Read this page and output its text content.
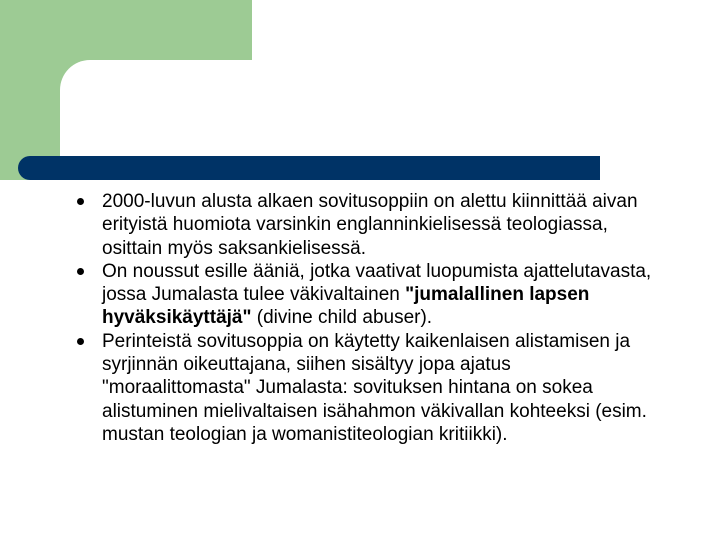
2000-luvun alusta alkaen sovitusoppiin on alettu kiinnittää aivan erityistä huomiota varsinkin englanninkielisessä teologiassa, osittain myös saksankielisessä.
On noussut esille ääniä, jotka vaativat luopumista ajattelutavasta, jossa Jumalasta tulee väkivaltainen "jumalallinen lapsen hyväksikäyttäjä" (divine child abuser).
Perinteistä sovitusoppia on käytetty kaikenlaisen alistamisen ja syrjinnän oikeuttajana, siihen sisältyy jopa ajatus "moraalittomasta" Jumalasta: sovituksen hintana on sokea alistuminen mielivaltaisen isähahmon väkivallan kohteeksi (esim. mustan teologian ja womanistiteologian kritiikki).
